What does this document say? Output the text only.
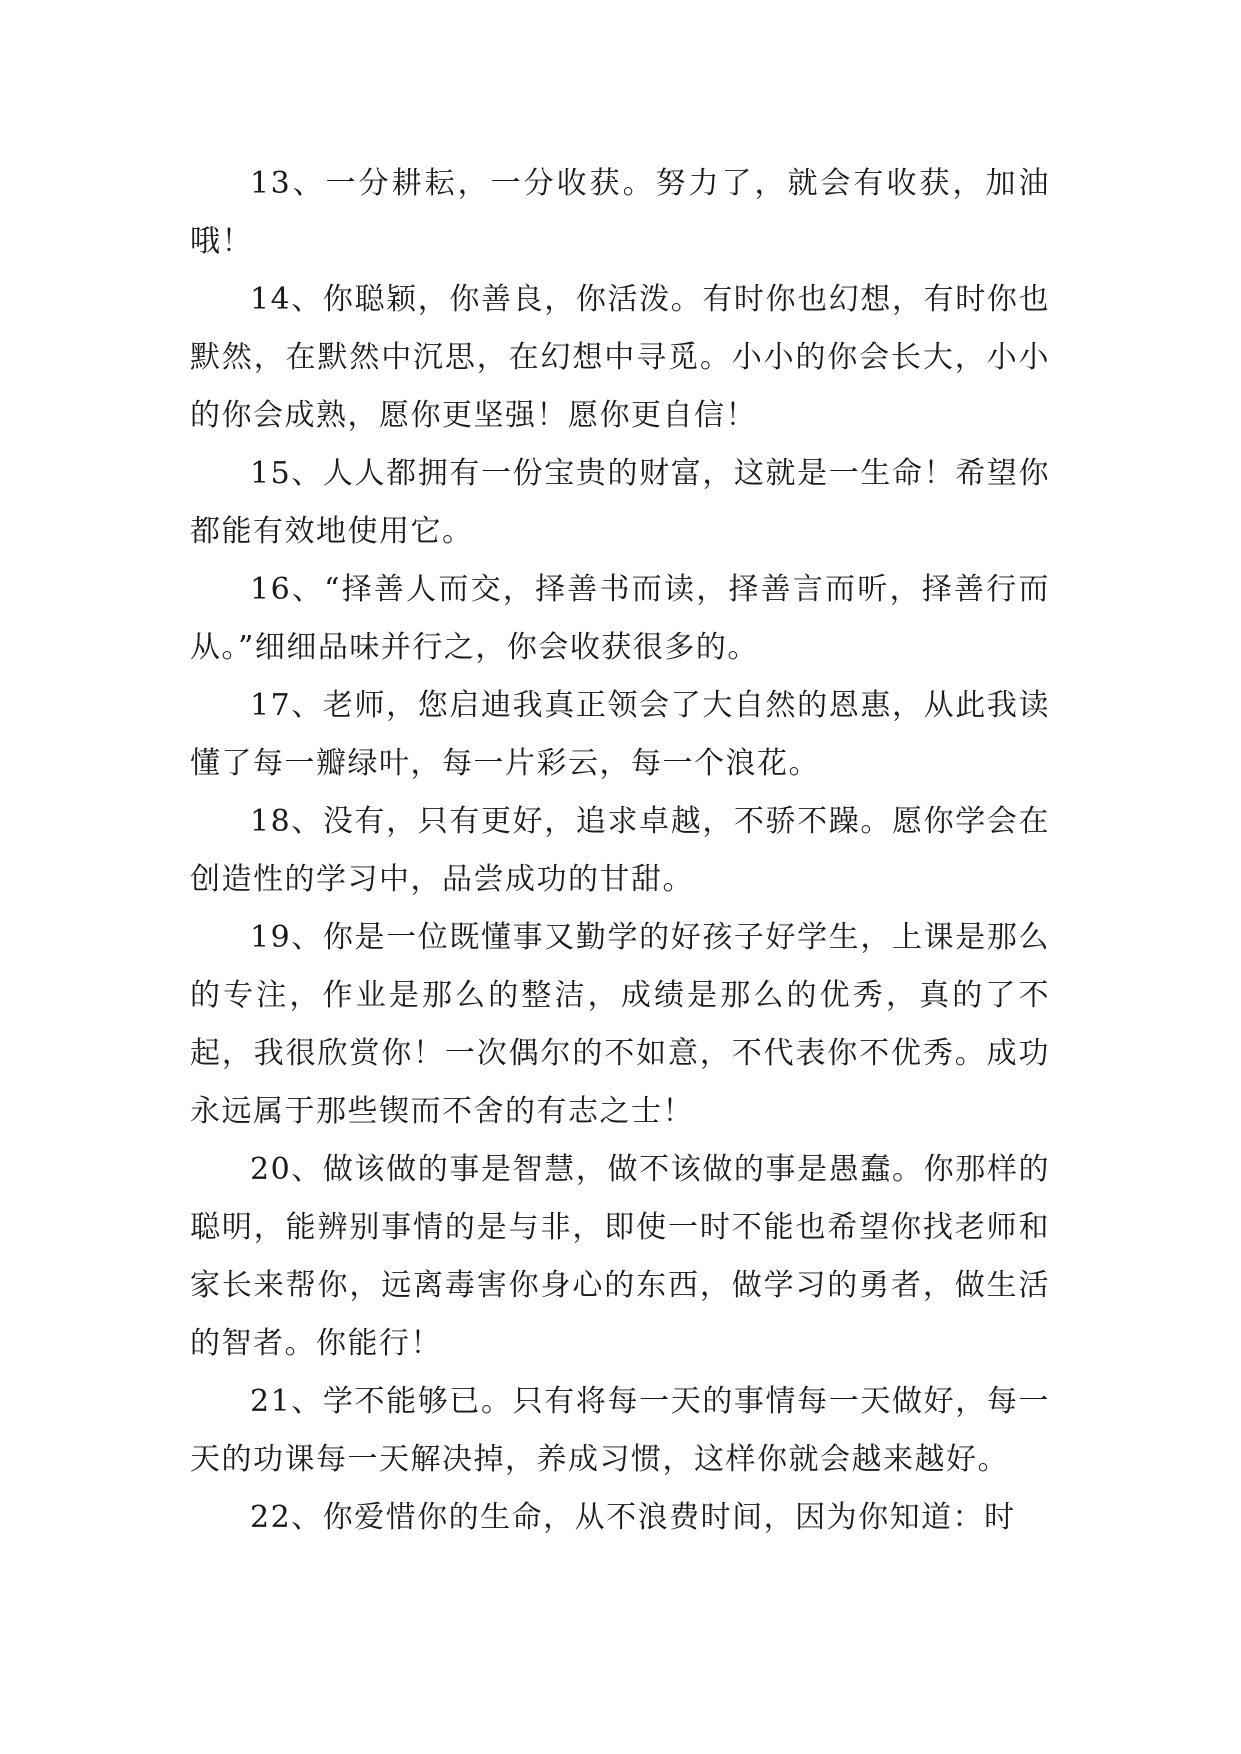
13、一分耕耘，一分收获。努力了，就会有收获，加油哦！

14、你聪颖，你善良，你活泼。有时你也幻想，有时你也默然，在默然中沉思，在幻想中寻觅。小小的你会长大，小小的你会成熟，愿你更坚强！愿你更自信！

15、人人都拥有一份宝贵的财富，这就是一生命！希望你都能有效地使用它。

16、“择善人而交，择善书而读，择善言而听，择善行而从。”细细品味并行之，你会收获很多的。

17、老师，您启迪我真正领会了大自然的恩惠，从此我读懂了每一瓣绿叶，每一片彩云，每一个浪花。

18、没有，只有更好，追求卓越，不骄不躁。愿你学会在创造性的学习中，品尝成功的甘甜。

19、你是一位既懂事又勤学的好孩子好学生，上课是那么的专注，作业是那么的整洁，成绩是那么的优秀，真的了不起，我很欣赏你！一次偶尔的不如意，不代表你不优秀。成功永远属于那些锲而不舍的有志之士！

20、做该做的事是智慧，做不该做的事是愚蠢。你那样的聪明，能辨别事情的是与非，即使一时不能也希望你找老师和家长来帮你，远离毒害你身心的东西，做学习的勇者，做生活的智者。你能行！

21、学不能够已。只有将每一天的事情每一天做好，每一天的功课每一天解决掉，养成习惯，这样你就会越来越好。

22、你爱惜你的生命，从不浪费时间，因为你知道：时
